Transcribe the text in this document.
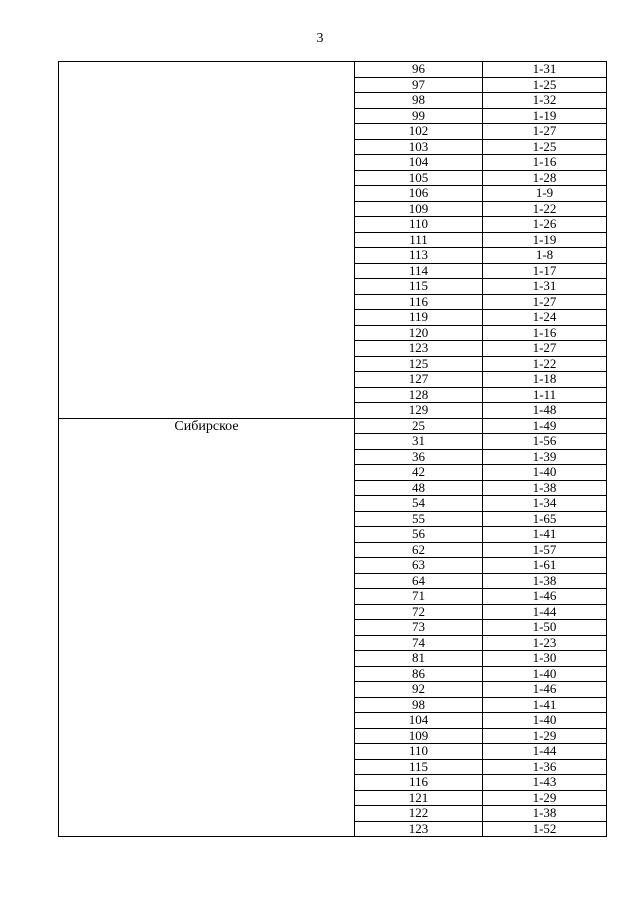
3
	96	1-31
	97	1-25
	98	1-32
	99	1-19
	102	1-27
	103	1-25
	104	1-16
	105	1-28
	106	1-9
	109	1-22
	110	1-26
	111	1-19
	113	1-8
	114	1-17
	115	1-31
	116	1-27
	119	1-24
	120	1-16
	123	1-27
	125	1-22
	127	1-18
	128	1-11
	129	1-48
Сибирское	25	1-49
	31	1-56
	36	1-39
	42	1-40
	48	1-38
	54	1-34
	55	1-65
	56	1-41
	62	1-57
	63	1-61
	64	1-38
	71	1-46
	72	1-44
	73	1-50
	74	1-23
	81	1-30
	86	1-40
	92	1-46
	98	1-41
	104	1-40
	109	1-29
	110	1-44
	115	1-36
	116	1-43
	121	1-29
	122	1-38
	123	1-52
